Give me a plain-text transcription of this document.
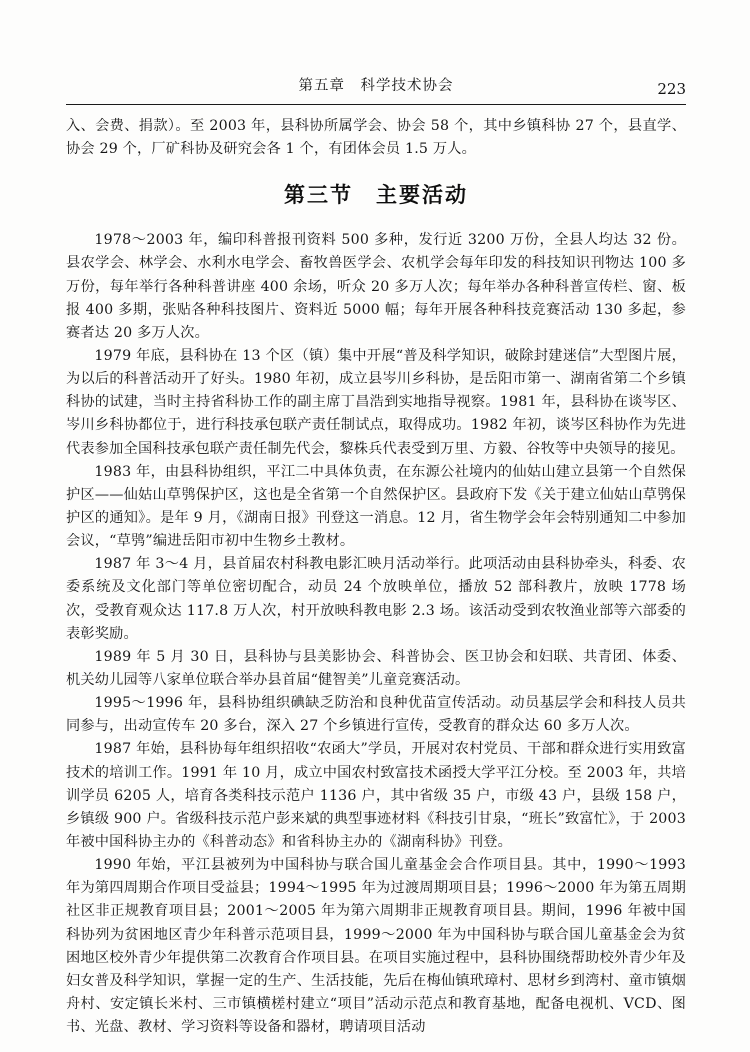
第五章　科学技术协会	223

入、会费、捐款）。至 2003 年，县科协所属学会、协会 58 个，其中乡镇科协 27 个，县直学、协会 29 个，厂矿科协及研究会各 1 个，有团体会员 1.5 万人。

第三节　主要活动

1978～2003 年，编印科普报刊资料 500 多种，发行近 3200 万份，全县人均达 32 份。县农学会、林学会、水利水电学会、畜牧兽医学会、农机学会每年印发的科技知识刊物达 100 多万份，每年举行各种科普讲座 400 余场，听众 20 多万人次；每年举办各种科普宣传栏、窗、板报 400 多期，张贴各种科技图片、资料近 5000 幅；每年开展各种科技竞赛活动 130 多起，参赛者达 20 多万人次。

1979 年底，县科协在 13 个区（镇）集中开展“普及科学知识，破除封建迷信”大型图片展，为以后的科普活动开了好头。1980 年初，成立县岑川乡科协，是岳阳市第一、湖南省第二个乡镇科协的试建，当时主持省科协工作的副主席丁昌浩到实地指导视察。1981 年，县科协在谈岑区、岑川乡科协都位于，进行科技承包联产责任制试点，取得成功。1982 年初，谈岑区科协作为先进代表参加全国科技承包联产责任制先代会，黎株兵代表受到万里、方毅、谷牧等中央领导的接见。

1983 年，由县科协组织，平江二中具体负责，在东源公社境内的仙姑山建立县第一个自然保护区——仙姑山草鸮保护区，这也是全省第一个自然保护区。县政府下发《关于建立仙姑山草鸮保护区的通知》。是年 9 月，《湖南日报》刊登这一消息。12 月，省生物学会年会特别通知二中参加会议，“草鸮”编进岳阳市初中生物乡土教材。

1987 年 3～4 月，县首届农村科教电影汇映月活动举行。此项活动由县科协牵头，科委、农委系统及文化部门等单位密切配合，动员 24 个放映单位，播放 52 部科教片，放映 1778 场次，受教育观众达 117.8 万人次，村开放映科教电影 2.3 场。该活动受到农牧渔业部等六部委的表彰奖励。

1989 年 5 月 30 日，县科协与县美影协会、科普协会、医卫协会和妇联、共青团、体委、机关幼儿园等八家单位联合举办县首届“健智美”儿童竞赛活动。

1995～1996 年，县科协组织碘缺乏防治和良种优苗宣传活动。动员基层学会和科技人员共同参与，出动宣传车 20 多台，深入 27 个乡镇进行宣传，受教育的群众达 60 多万人次。

1987 年始，县科协每年组织招收“农函大”学员，开展对农村党员、干部和群众进行实用致富技术的培训工作。1991 年 10 月，成立中国农村致富技术函授大学平江分校。至 2003 年，共培训学员 6205 人，培育各类科技示范户 1136 户，其中省级 35 户，市级 43 户，县级 158 户，乡镇级 900 户。省级科技示范户彭来斌的典型事迹材料《科技引甘泉，“班长”致富忙》，于 2003 年被中国科协主办的《科普动态》和省科协主办的《湖南科协》刊登。

1990 年始，平江县被列为中国科协与联合国儿童基金会合作项目县。其中，1990～1993 年为第四周期合作项目受益县；1994～1995 年为过渡周期项目县；1996～2000 年为第五周期社区非正规教育项目县；2001～2005 年为第六周期非正规教育项目县。期间，1996 年被中国科协列为贫困地区青少年科普示范项目县，1999～2000 年为中国科协与联合国儿童基金会为贫困地区校外青少年提供第二次教育合作项目县。在项目实施过程中，县科协围绕帮助校外青少年及妇女普及科学知识，掌握一定的生产、生活技能，先后在梅仙镇玳璋村、思材乡到湾村、童市镇烟舟村、安定镇长米村、三市镇横槎村建立“项目”活动示范点和教育基地，配备电视机、VCD、图书、光盘、教材、学习资料等设备和器材，聘请项目活动
